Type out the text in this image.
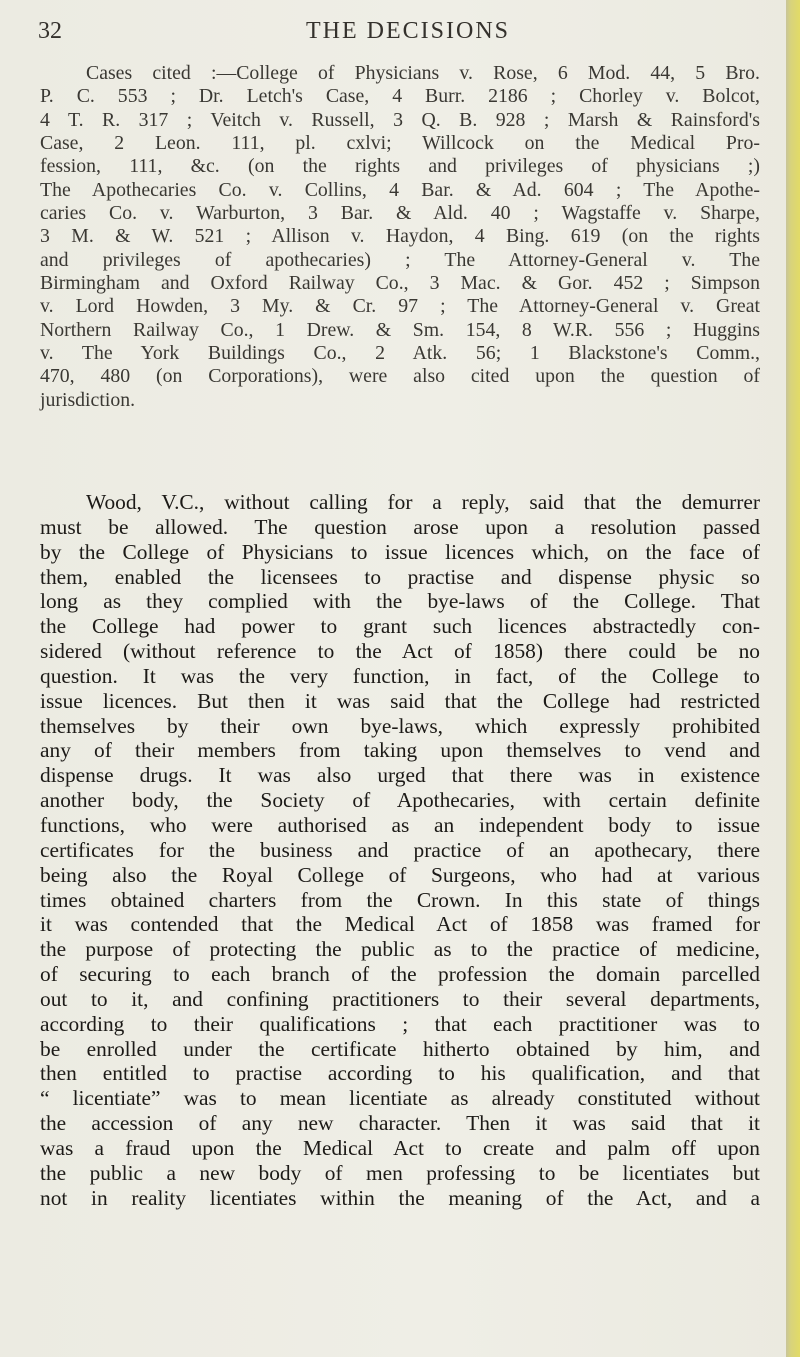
32	THE DECISIONS
Cases cited :—College of Physicians v. Rose, 6 Mod. 44, 5 Bro.
P. C. 553 ; Dr. Letch's Case, 4 Burr. 2186 ; Chorley v. Bolcot,
4 T. R. 317 ; Veitch v. Russell, 3 Q. B. 928 ; Marsh & Rainsford's
Case, 2 Leon. 111, pl. cxlvi; Willcock on the Medical Pro-
fession, 111, &c. (on the rights and privileges of physicians ;)
The Apothecaries Co. v. Collins, 4 Bar. & Ad. 604 ; The Apothe-
caries Co. v. Warburton, 3 Bar. & Ald. 40 ; Wagstaffe v. Sharpe,
3 M. & W. 521 ; Allison v. Haydon, 4 Bing. 619 (on the rights
and privileges of apothecaries) ; The Attorney-General v. The
Birmingham and Oxford Railway Co., 3 Mac. & Gor. 452 ; Simpson
v. Lord Howden, 3 My. & Cr. 97 ; The Attorney-General v. Great
Northern Railway Co., 1 Drew. & Sm. 154, 8 W.R. 556 ; Huggins
v. The York Buildings Co., 2 Atk. 56; 1 Blackstone's Comm.,
470, 480 (on Corporations), were also cited upon the question of
jurisdiction.
Wood, V.C., without calling for a reply, said that the demurrer
must be allowed. The question arose upon a resolution passed
by the College of Physicians to issue licences which, on the face of
them, enabled the licensees to practise and dispense physic so
long as they complied with the bye-laws of the College. That
the College had power to grant such licences abstractedly con-
sidered (without reference to the Act of 1858) there could be no
question. It was the very function, in fact, of the College to
issue licences. But then it was said that the College had restricted
themselves by their own bye-laws, which expressly prohibited
any of their members from taking upon themselves to vend and
dispense drugs. It was also urged that there was in existence
another body, the Society of Apothecaries, with certain definite
functions, who were authorised as an independent body to issue
certificates for the business and practice of an apothecary, there
being also the Royal College of Surgeons, who had at various
times obtained charters from the Crown. In this state of things
it was contended that the Medical Act of 1858 was framed for
the purpose of protecting the public as to the practice of medicine,
of securing to each branch of the profession the domain parcelled
out to it, and confining practitioners to their several departments,
according to their qualifications ; that each practitioner was to
be enrolled under the certificate hitherto obtained by him, and
then entitled to practise according to his qualification, and that
“ licentiate” was to mean licentiate as already constituted without
the accession of any new character. Then it was said that it
was a fraud upon the Medical Act to create and palm off upon
the public a new body of men professing to be licentiates but
not in reality licentiates within the meaning of the Act, and a
